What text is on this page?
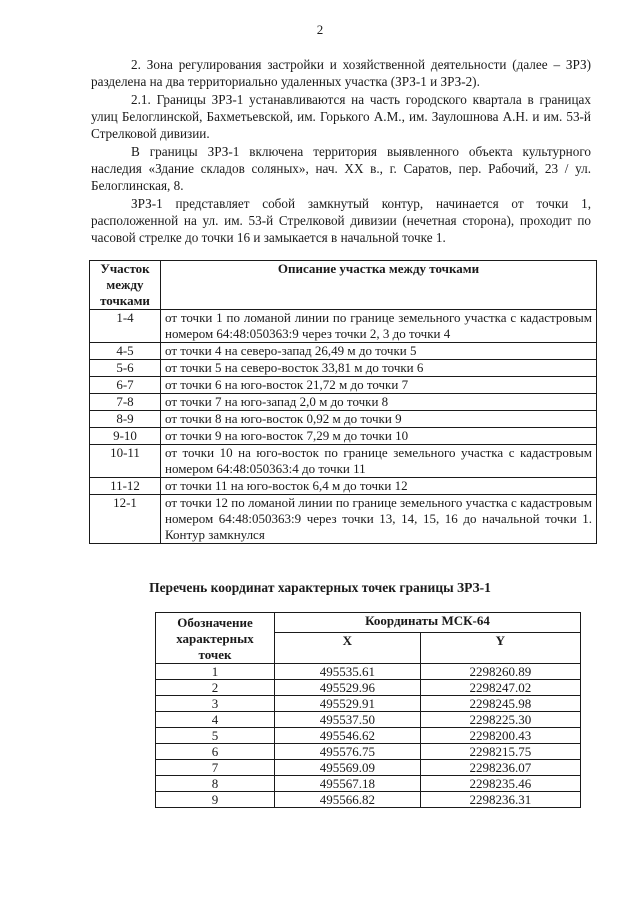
2

2. Зона регулирования застройки и хозяйственной деятельности (далее – ЗРЗ) разделена на два территориально удаленных участка (ЗРЗ-1 и ЗРЗ-2).

2.1. Границы ЗРЗ-1 устанавливаются на часть городского квартала в границах улиц Белоглинской, Бахметьевской, им. Горького А.М., им. Заулошнова А.Н. и им. 53-й Стрелковой дивизии.

В границы ЗРЗ-1 включена территория выявленного объекта культурного наследия «Здание складов соляных», нач. XX в., г. Саратов, пер. Рабочий, 23 / ул. Белоглинская, 8.

ЗРЗ-1 представляет собой замкнутый контур, начинается от точки 1, расположенной на ул. им. 53-й Стрелковой дивизии (нечетная сторона), проходит по часовой стрелке до точки 16 и замыкается в начальной точке 1.

Участок между точками	Описание участка между точками
1-4	от точки 1 по ломаной линии по границе земельного участка с кадастровым номером 64:48:050363:9 через точки 2, 3 до точки 4
4-5	от точки 4 на северо-запад 26,49 м до точки 5
5-6	от точки 5 на северо-восток 33,81 м до точки 6
6-7	от точки 6 на юго-восток 21,72 м до точки 7
7-8	от точки 7 на юго-запад 2,0 м до точки 8
8-9	от точки 8 на юго-восток 0,92 м до точки 9
9-10	от точки 9 на юго-восток 7,29 м до точки 10
10-11	от точки 10 на юго-восток по границе земельного участка с кадастровым номером 64:48:050363:4 до точки 11
11-12	от точки 11 на юго-восток 6,4 м до точки 12
12-1	от точки 12 по ломаной линии по границе земельного участка с кадастровым номером 64:48:050363:9 через точки 13, 14, 15, 16 до начальной точки 1. Контур замкнулся
Перечень координат характерных точек границы ЗРЗ-1
Обозначение характерных точек	Координаты МСК-64	
	X	Y
1	495535.61	2298260.89
2	495529.96	2298247.02
3	495529.91	2298245.98
4	495537.50	2298225.30
5	495546.62	2298200.43
6	495576.75	2298215.75
7	495569.09	2298236.07
8	495567.18	2298235.46
9	495566.82	2298236.31
